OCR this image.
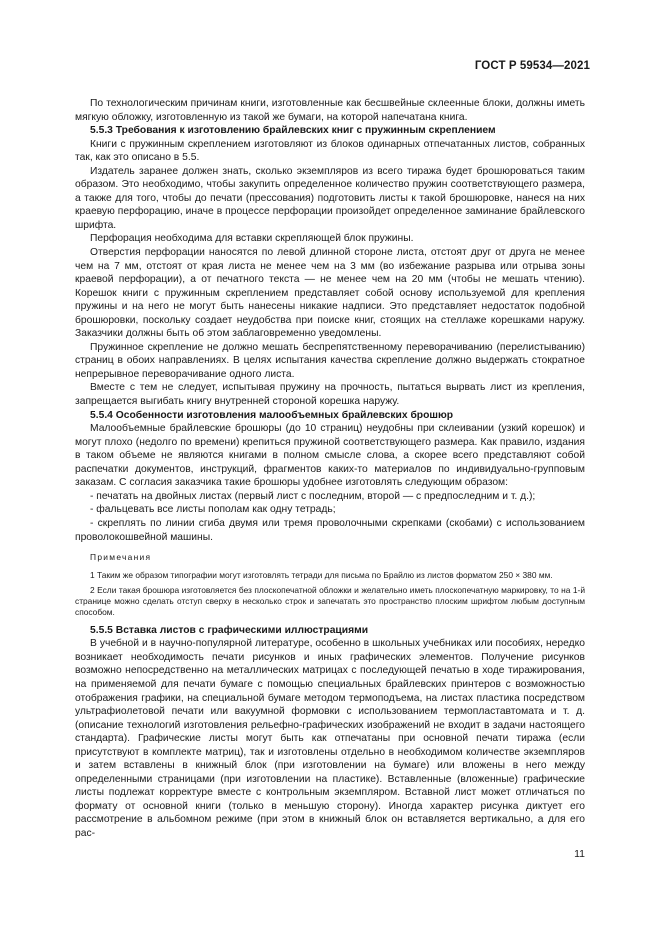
ГОСТ Р 59534—2021

По технологическим причинам книги, изготовленные как бесшвейные склеенные блоки, должны иметь мягкую обложку, изготовленную из такой же бумаги, на которой напечатана книга.

5.5.3 Требования к изготовлению брайлевских книг с пружинным скреплением

Книги с пружинным скреплением изготовляют из блоков одинарных отпечатанных листов, собранных так, как это описано в 5.5.

Издатель заранее должен знать, сколько экземпляров из всего тиража будет брошюроваться таким образом. Это необходимо, чтобы закупить определенное количество пружин соответствующего размера, а также для того, чтобы до печати (прессования) подготовить листы к такой брошюровке, нанеся на них краевую перфорацию, иначе в процессе перфорации произойдет определенное заминание брайлевского шрифта.

Перфорация необходима для вставки скрепляющей блок пружины.

Отверстия перфорации наносятся по левой длинной стороне листа, отстоят друг от друга не менее чем на 7 мм, отстоят от края листа не менее чем на 3 мм (во избежание разрыва или отрыва зоны краевой перфорации), а от печатного текста — не менее чем на 20 мм (чтобы не мешать чтению). Корешок книги с пружинным скреплением представляет собой основу используемой для крепления пружины и на него не могут быть нанесены никакие надписи. Это представляет недостаток подобной брошюровки, поскольку создает неудобства при поиске книг, стоящих на стеллаже корешками наружу. Заказчики должны быть об этом заблаговременно уведомлены.

Пружинное скрепление не должно мешать беспрепятственному переворачиванию (перелистыванию) страниц в обоих направлениях. В целях испытания качества скрепление должно выдержать стократное непрерывное переворачивание одного листа.

Вместе с тем не следует, испытывая пружину на прочность, пытаться вырвать лист из крепления, запрещается выгибать книгу внутренней стороной корешка наружу.

5.5.4 Особенности изготовления малообъемных брайлевских брошюр

Малообъемные брайлевские брошюры (до 10 страниц) неудобны при склеивании (узкий корешок) и могут плохо (недолго по времени) крепиться пружиной соответствующего размера. Как правило, издания в таком объеме не являются книгами в полном смысле слова, а скорее всего представляют собой распечатки документов, инструкций, фрагментов каких-то материалов по индивидуально-групповым заказам. С согласия заказчика такие брошюры удобнее изготовлять следующим образом:

- печатать на двойных листах (первый лист с последним, второй — с предпоследним и т. д.);

- фальцевать все листы пополам как одну тетрадь;

- скреплять по линии сгиба двумя или тремя проволочными скрепками (скобами) с использованием проволокошвейной машины.

Примечания

1 Таким же образом типографии могут изготовлять тетради для письма по Брайлю из листов форматом 250 × 380 мм.

2 Если такая брошюра изготовляется без плоскопечатной обложки и желательно иметь плоскопечатную маркировку, то на 1-й странице можно сделать отступ сверху в несколько строк и запечатать это пространство плоским шрифтом любым доступным способом.

5.5.5 Вставка листов с графическими иллюстрациями

В учебной и в научно-популярной литературе, особенно в школьных учебниках или пособиях, нередко возникает необходимость печати рисунков и иных графических элементов. Получение рисунков возможно непосредственно на металлических матрицах с последующей печатью в ходе тиражирования, на применяемой для печати бумаге с помощью специальных брайлевских принтеров с возможностью отображения графики, на специальной бумаге методом термоподъема, на листах пластика посредством ультрафиолетовой печати или вакуумной формовки с использованием термопластавтомата и т. д. (описание технологий изготовления рельефно-графических изображений не входит в задачи настоящего стандарта). Графические листы могут быть как отпечатаны при основной печати тиража (если присутствуют в комплекте матриц), так и изготовлены отдельно в необходимом количестве экземпляров и затем вставлены в книжный блок (при изготовлении на бумаге) или вложены в него между определенными страницами (при изготовлении на пластике). Вставленные (вложенные) графические листы подлежат корректуре вместе с контрольным экземпляром. Вставной лист может отличаться по формату от основной книги (только в меньшую сторону). Иногда характер рисунка диктует его рассмотрение в альбомном режиме (при этом в книжный блок он вставляется вертикально, а для его рас-

11
